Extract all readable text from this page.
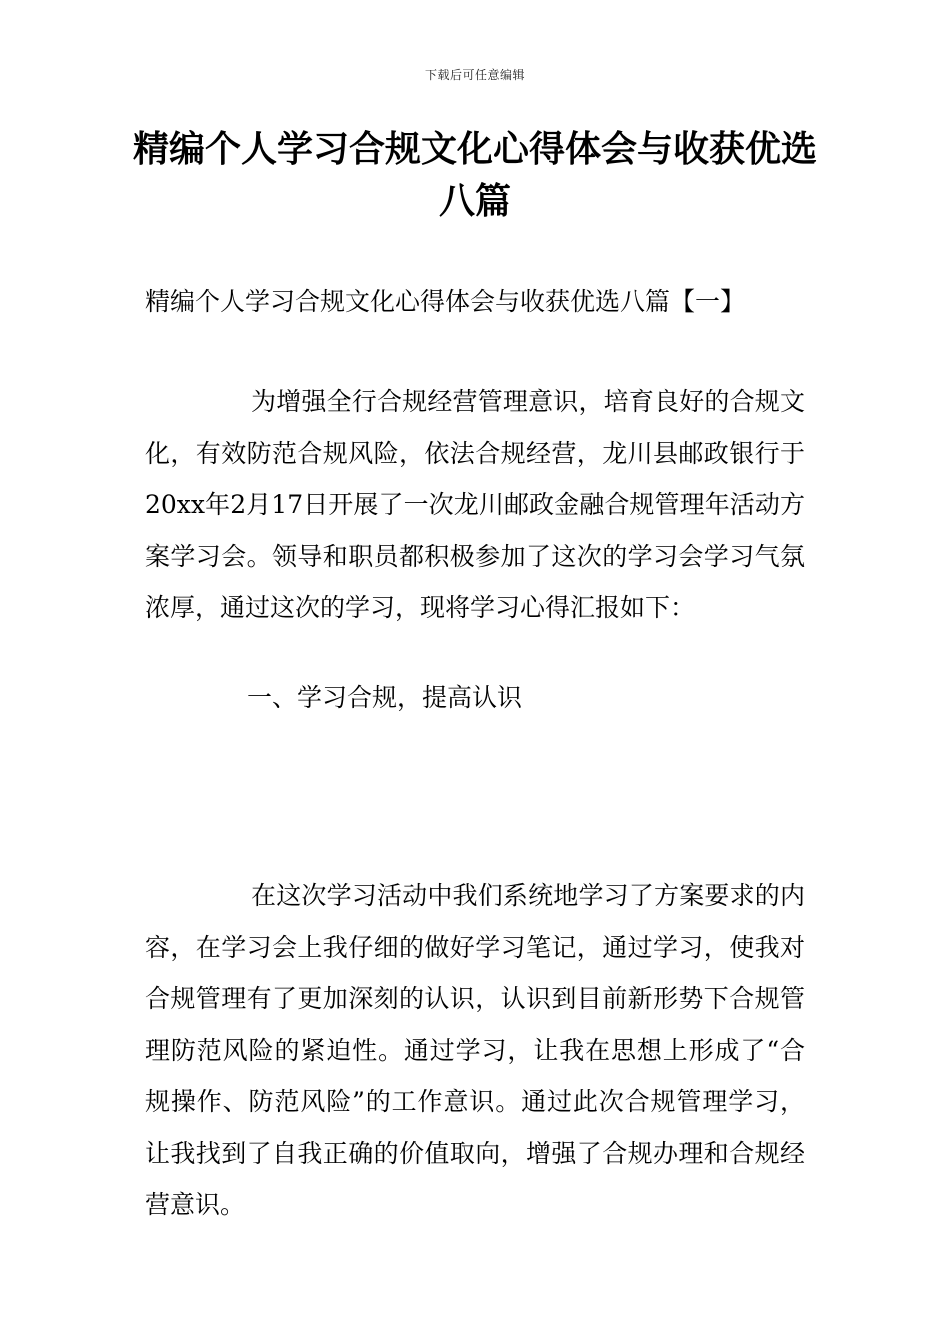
下载后可任意编辑
精编个人学习合规文化心得体会与收获优选八篇
精编个人学习合规文化心得体会与收获优选八篇【一】

为增强全行合规经营管理意识，培育良好的合规文化，有效防范合规风险，依法合规经营，龙川县邮政银行于20xx年2月17日开展了一次龙川邮政金融合规管理年活动方案学习会。领导和职员都积极参加了这次的学习会学习气氛浓厚，通过这次的学习，现将学习心得汇报如下：

一、学习合规，提高认识

在这次学习活动中我们系统地学习了方案要求的内容，在学习会上我仔细的做好学习笔记，通过学习，使我对合规管理有了更加深刻的认识，认识到目前新形势下合规管理防范风险的紧迫性。通过学习，让我在思想上形成了“合规操作、防范风险”的工作意识。通过此次合规管理学习，让我找到了自我正确的价值取向，增强了合规办理和合规经营意识。
